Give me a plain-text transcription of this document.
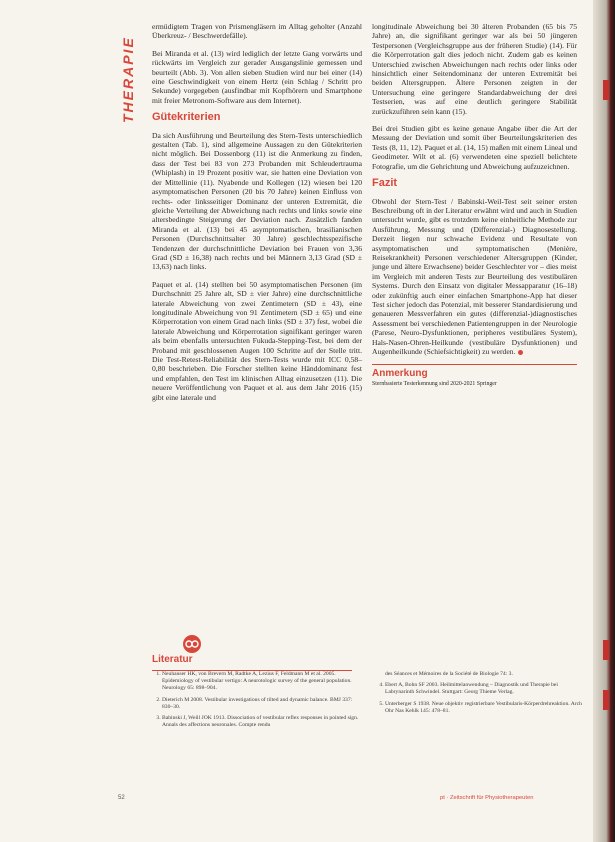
THERAPIE

ermüdigtem Tragen von Prismengläsern im Alltag geholter (Anzahl Überkreuz- / Beschwerdefälle).

Bei Miranda et al. (13) wird lediglich der letzte Gang vorwärts und rückwärts im Vergleich zur gerader Ausgangslinie gemessen und beurteilt (Abb. 3). Von allen sieben Studien wird nur bei einer (14) eine Geschwindigkeit von einem Hertz (ein Schlag / Schritt pro Sekunde) vorgegeben (ausfindbar mit Kopfhörern und Smartphone mit freier Metronom-Software aus dem Internet).

Gütekriterien

Da sich Ausführung und Beurteilung des Stern-Tests unterschiedlich gestalten (Tab. 1), sind allgemeine Aussagen zu den Gütekriterien nicht möglich. Bei Dossenborg (11) ist die Anmerkung zu finden, dass der Test bei 83 von 273 Probanden mit Schleudertrauma (Whiplash) in 19 Prozent positiv war, sie hatten eine Deviation von der Mittellinie (11). Nyabende und Kollegen (12) wiesen bei 120 asymptomatischen Personen (20 bis 70 Jahre) keinen Einfluss von rechts- oder linksseitiger Dominanz der unteren Extremität, die gleiche Verteilung der Abweichung nach rechts und links sowie eine altersbedingte Steigerung der Deviation nach. Zusätzlich fanden Miranda et al. (13) bei 45 asymptomatischen, brasilianischen Personen (Durchschnittsalter 30 Jahre) geschlechtsspezifische Tendenzen der durchschnittliche Deviation bei Frauen von 3,36 Grad (SD ± 16,38) nach rechts und bei Männern 3,13 Grad (SD ± 13,63) nach links.

Paquet et al. (14) stellten bei 50 asymptomatischen Personen (im Durchschnitt 25 Jahre alt, SD ± vier Jahre) eine durchschnittliche laterale Abweichung von zwei Zentimetern (SD ± 43), eine longitudinale Abweichung von 91 Zentimetern (SD ± 65) und eine Körperrotation von einem Grad nach links (SD ± 37) fest, wobei die laterale Abweichung und Körperrotation signifikant geringer waren als beim ebenfalls untersuchten Fukuda-Stepping-Test, bei dem der Proband mit geschlossenen Augen 100 Schritte auf der Stelle tritt. Die Test-Retest-Reliabilität des Stern-Tests wurde mit ICC 0,58–0,80 beschrieben. Die Forscher stellten keine Händdominanz fest und empfahlen, den Test im klinischen Alltag einzusetzen (11). Die neuere Veröffentlichung von Paquet et al. aus dem Jahr 2016 (15) gibt eine laterale und

longitudinale Abweichung bei 30 älteren Probanden (65 bis 75 Jahre) an, die signifikant geringer war als bei 50 jüngeren Testpersonen (Vergleichsgruppe aus der früheren Studie) (14). Für die Körperrotation galt dies jedoch nicht. Zudem gab es keinen Unterschied zwischen Abweichungen nach rechts oder links oder hinsichtlich einer Seitendominanz der unteren Extremität bei beiden Altersgruppen. Ältere Personen zeigten in der Untersuchung eine geringere Standardabweichung der drei Testserien, was auf eine deutlich geringere Stabilität zurückzuführen sein kann (15).

Bei drei Studien gibt es keine genaue Angabe über die Art der Messung der Deviation und somit über Beurteilungskriterien des Tests (8, 11, 12). Paquet et al. (14, 15) maßen mit einem Lineal und Geodimeter. Wilt et al. (6) verwendeten eine speziell belichtete Fotografie, um die Gehrichtung und Abweichung aufzuzeichnen.

Fazit

Obwohl der Stern-Test / Babinski-Weil-Test seit seiner ersten Beschreibung oft in der Literatur erwähnt wird und auch in Studien untersucht wurde, gibt es trotzdem keine einheitliche Methode zur Ausführung, Messung und (Differenzial-) Diagnosestellung. Derzeit liegen nur schwache Evidenz und Resultate von asymptomatischen und symptomatischen (Menière, Reisekrankheit) Personen verschiedener Altersgruppen (Kinder, junge und ältere Erwachsene) beider Geschlechter vor – dies meist im Vergleich mit anderen Tests zur Beurteilung des vestibulären Systems. Durch den Einsatz von digitaler Messapparatur (16–18) oder zukünftig auch einer einfachen Smartphone-App hat dieser Test sicher jedoch das Potenzial, mit besserer Standardisierung und genaueren Messverfahren ein gutes (differenzial-)diagnostisches Assessment bei verschiedenen Patientengruppen in der Neurologie (Parese, Neuro-Dysfunktionen, peripheres vestibuläres System), Hals-Nasen-Ohren-Heilkunde (vestibuläre Dysfunktionen) und Augenheilkunde (Schiefsichtigkeit) zu werden.

Anmerkung
Sternbasierte Testerkennung sind 2020-2021 Springer
Literatur
1. Neuhauser HK, von Brevern M, Radtke A, Lezius F, Feldmann M et al. 2005. Epidemiology of vestibular vertigo: A neurotologic survey of the general population. Neurology 65: 898–904.
2. Dieterich M 2008. Vestibular investigations of tilted and dynamic balance. BMJ 337: 830–30.
3. Babinski J, Weill JOK 1913. Dissociation of vestibular reflex responses in pointed sign. Annals des affections neuronales. Compte rendu
des Séances et Mémoires de la Société de Biologie 74: 3.
4. Ebert A, Bohn SF 2003. Heilmittelanwendung – Diagnostik und Therapie bei Labrynarinth Schwindel. Stuttgart: Georg Thieme Verlag.
5. Unterberger S 1938. Neue objektiv registrierbare Vestibularis-Körperdrehreaktion. Arch Ohr Nas Kehlk 145: 478–81.
52	pt · Zeitschrift für Physiotherapeuten
